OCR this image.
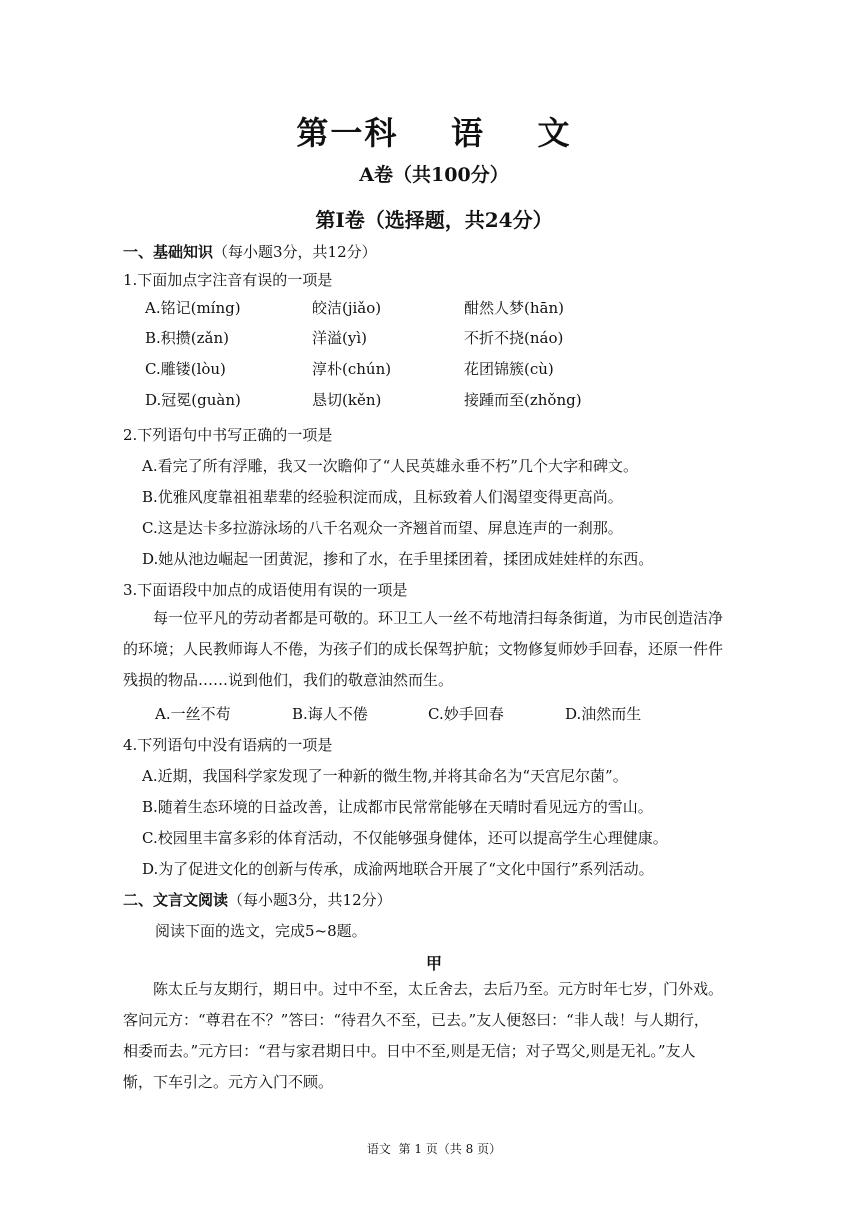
第一科    语    文
A卷（共100分）
第Ⅰ卷（选择题，共24分）
一、基础知识（每小题3分，共12分）
1.下面加点字注音有误的一项是
A.铭记(míng)	皎洁(jiǎo)	酣然人梦(hān)
B.积攒(zǎn)	洋溢(yì)	不折不挠(náo)
C.雕镂(lòu)	淳朴(chún)	花团锦簇(cù)
D.冠冕(guàn)	恳切(kěn)	接踵而至(zhǒng)
2.下列语句中书写正确的一项是
A.看完了所有浮雕，我又一次瞻仰了“人民英雄永垂不朽”几个大字和碑文。
B.优雅风度靠祖祖辈辈的经验积淀而成，且标致着人们渴望变得更高尚。
C.这是达卡多拉游泳场的八千名观众一齐翘首而望、屏息连声的一刹那。
D.她从池边崛起一团黄泥，掺和了水，在手里揉团着，揉团成娃娃样的东西。
3.下面语段中加点的成语使用有误的一项是

每一位平凡的劳动者都是可敬的。环卫工人一丝不苟地清扫每条街道，为市民创造洁净

的环境；人民教师诲人不倦，为孩子们的成长保驾护航；文物修复师妙手回春，还原一件件

残损的物品……说到他们，我们的敬意油然而生。

A.一丝不苟	B.诲人不倦	C.妙手回春	D.油然而生
4.下列语句中没有语病的一项是
A.近期，我国科学家发现了一种新的微生物,并将其命名为“天宫尼尔菌”。
B.随着生态环境的日益改善，让成都市民常常能够在天晴时看见远方的雪山。
C.校园里丰富多彩的体育活动，不仅能够强身健体，还可以提高学生心理健康。
D.为了促进文化的创新与传承，成渝两地联合开展了“文化中国行”系列活动。
二、文言文阅读（每小题3分，共12分）
阅读下面的选文，完成5~8题。
甲

陈太丘与友期行，期日中。过中不至，太丘舍去，去后乃至。元方时年七岁，门外戏。

客问元方：“尊君在不？”答曰：“待君久不至，已去。”友人便怒曰：“非人哉！与人期行，

相委而去。”元方曰：“君与家君期日中。日中不至,则是无信；对子骂父,则是无礼。”友人

惭，下车引之。元方入门不顾。

语文  第 1 页（共 8 页）
